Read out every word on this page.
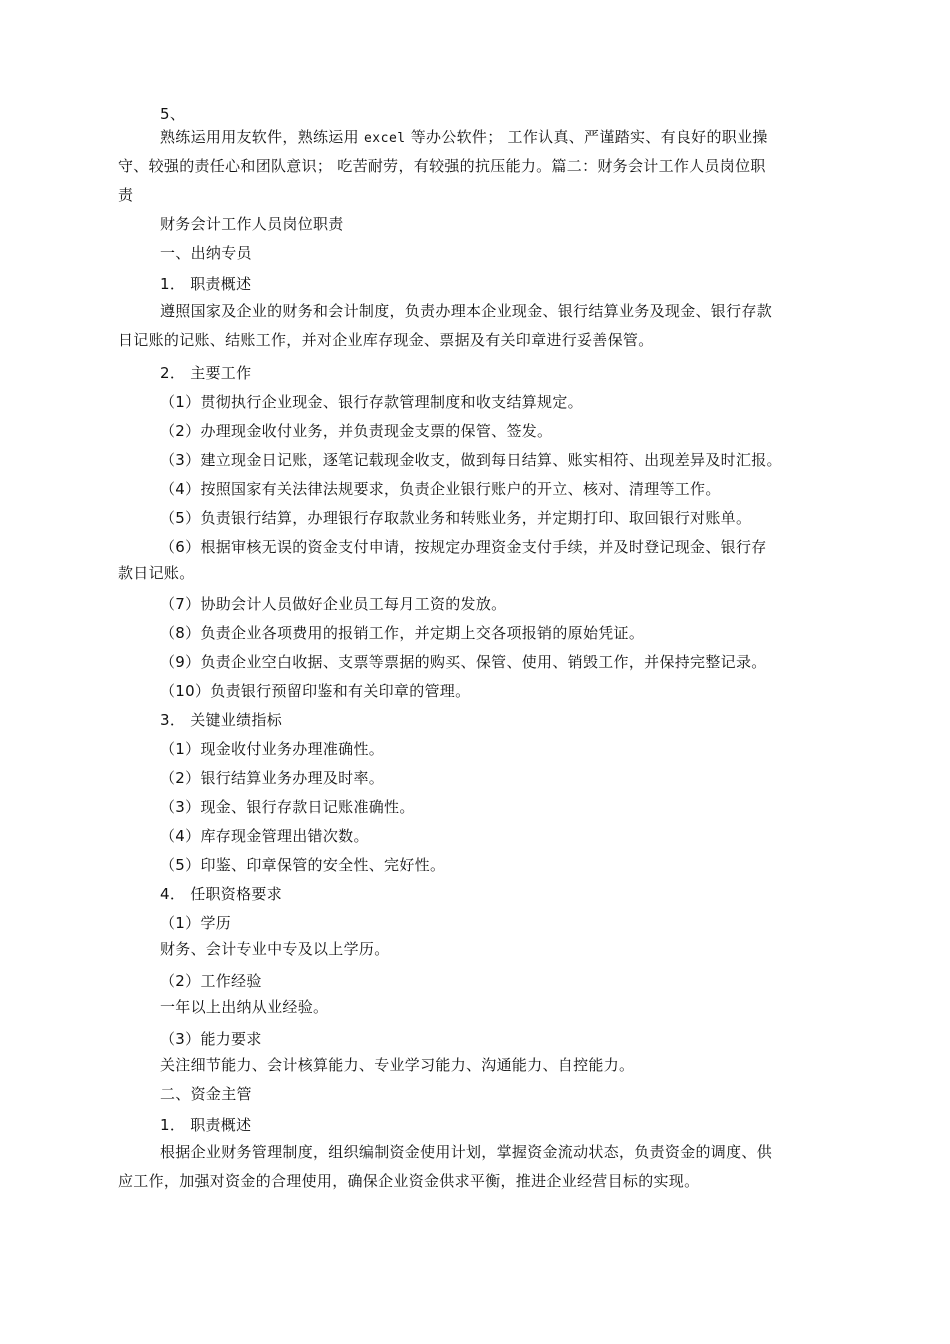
5、
熟练运用用友软件，熟练运用 excel 等办公软件； 工作认真、严谨踏实、有良好的职业操
守、较强的责任心和团队意识； 吃苦耐劳，有较强的抗压能力。篇二：财务会计工作人员岗位职
责
财务会计工作人员岗位职责
一、出纳专员
1． 职责概述
遵照国家及企业的财务和会计制度，负责办理本企业现金、银行结算业务及现金、银行存款
日记账的记账、结账工作，并对企业库存现金、票据及有关印章进行妥善保管。
2． 主要工作
（1）贯彻执行企业现金、银行存款管理制度和收支结算规定。
（2）办理现金收付业务，并负责现金支票的保管、签发。
（3）建立现金日记账，逐笔记载现金收支，做到每日结算、账实相符、出现差异及时汇报。
（4）按照国家有关法律法规要求，负责企业银行账户的开立、核对、清理等工作。
（5）负责银行结算，办理银行存取款业务和转账业务，并定期打印、取回银行对账单。
（6）根据审核无误的资金支付申请，按规定办理资金支付手续，并及时登记现金、银行存
款日记账。
（7）协助会计人员做好企业员工每月工资的发放。
（8）负责企业各项费用的报销工作，并定期上交各项报销的原始凭证。
（9）负责企业空白收据、支票等票据的购买、保管、使用、销毁工作，并保持完整记录。
（10）负责银行预留印鉴和有关印章的管理。
3． 关键业绩指标
（1）现金收付业务办理准确性。
（2）银行结算业务办理及时率。
（3）现金、银行存款日记账准确性。
（4）库存现金管理出错次数。
（5）印鉴、印章保管的安全性、完好性。
4． 任职资格要求
（1）学历
财务、会计专业中专及以上学历。
（2）工作经验
一年以上出纳从业经验。
（3）能力要求
关注细节能力、会计核算能力、专业学习能力、沟通能力、自控能力。
二、资金主管
1． 职责概述
根据企业财务管理制度，组织编制资金使用计划，掌握资金流动状态，负责资金的调度、供
应工作，加强对资金的合理使用，确保企业资金供求平衡，推进企业经营目标的实现。
